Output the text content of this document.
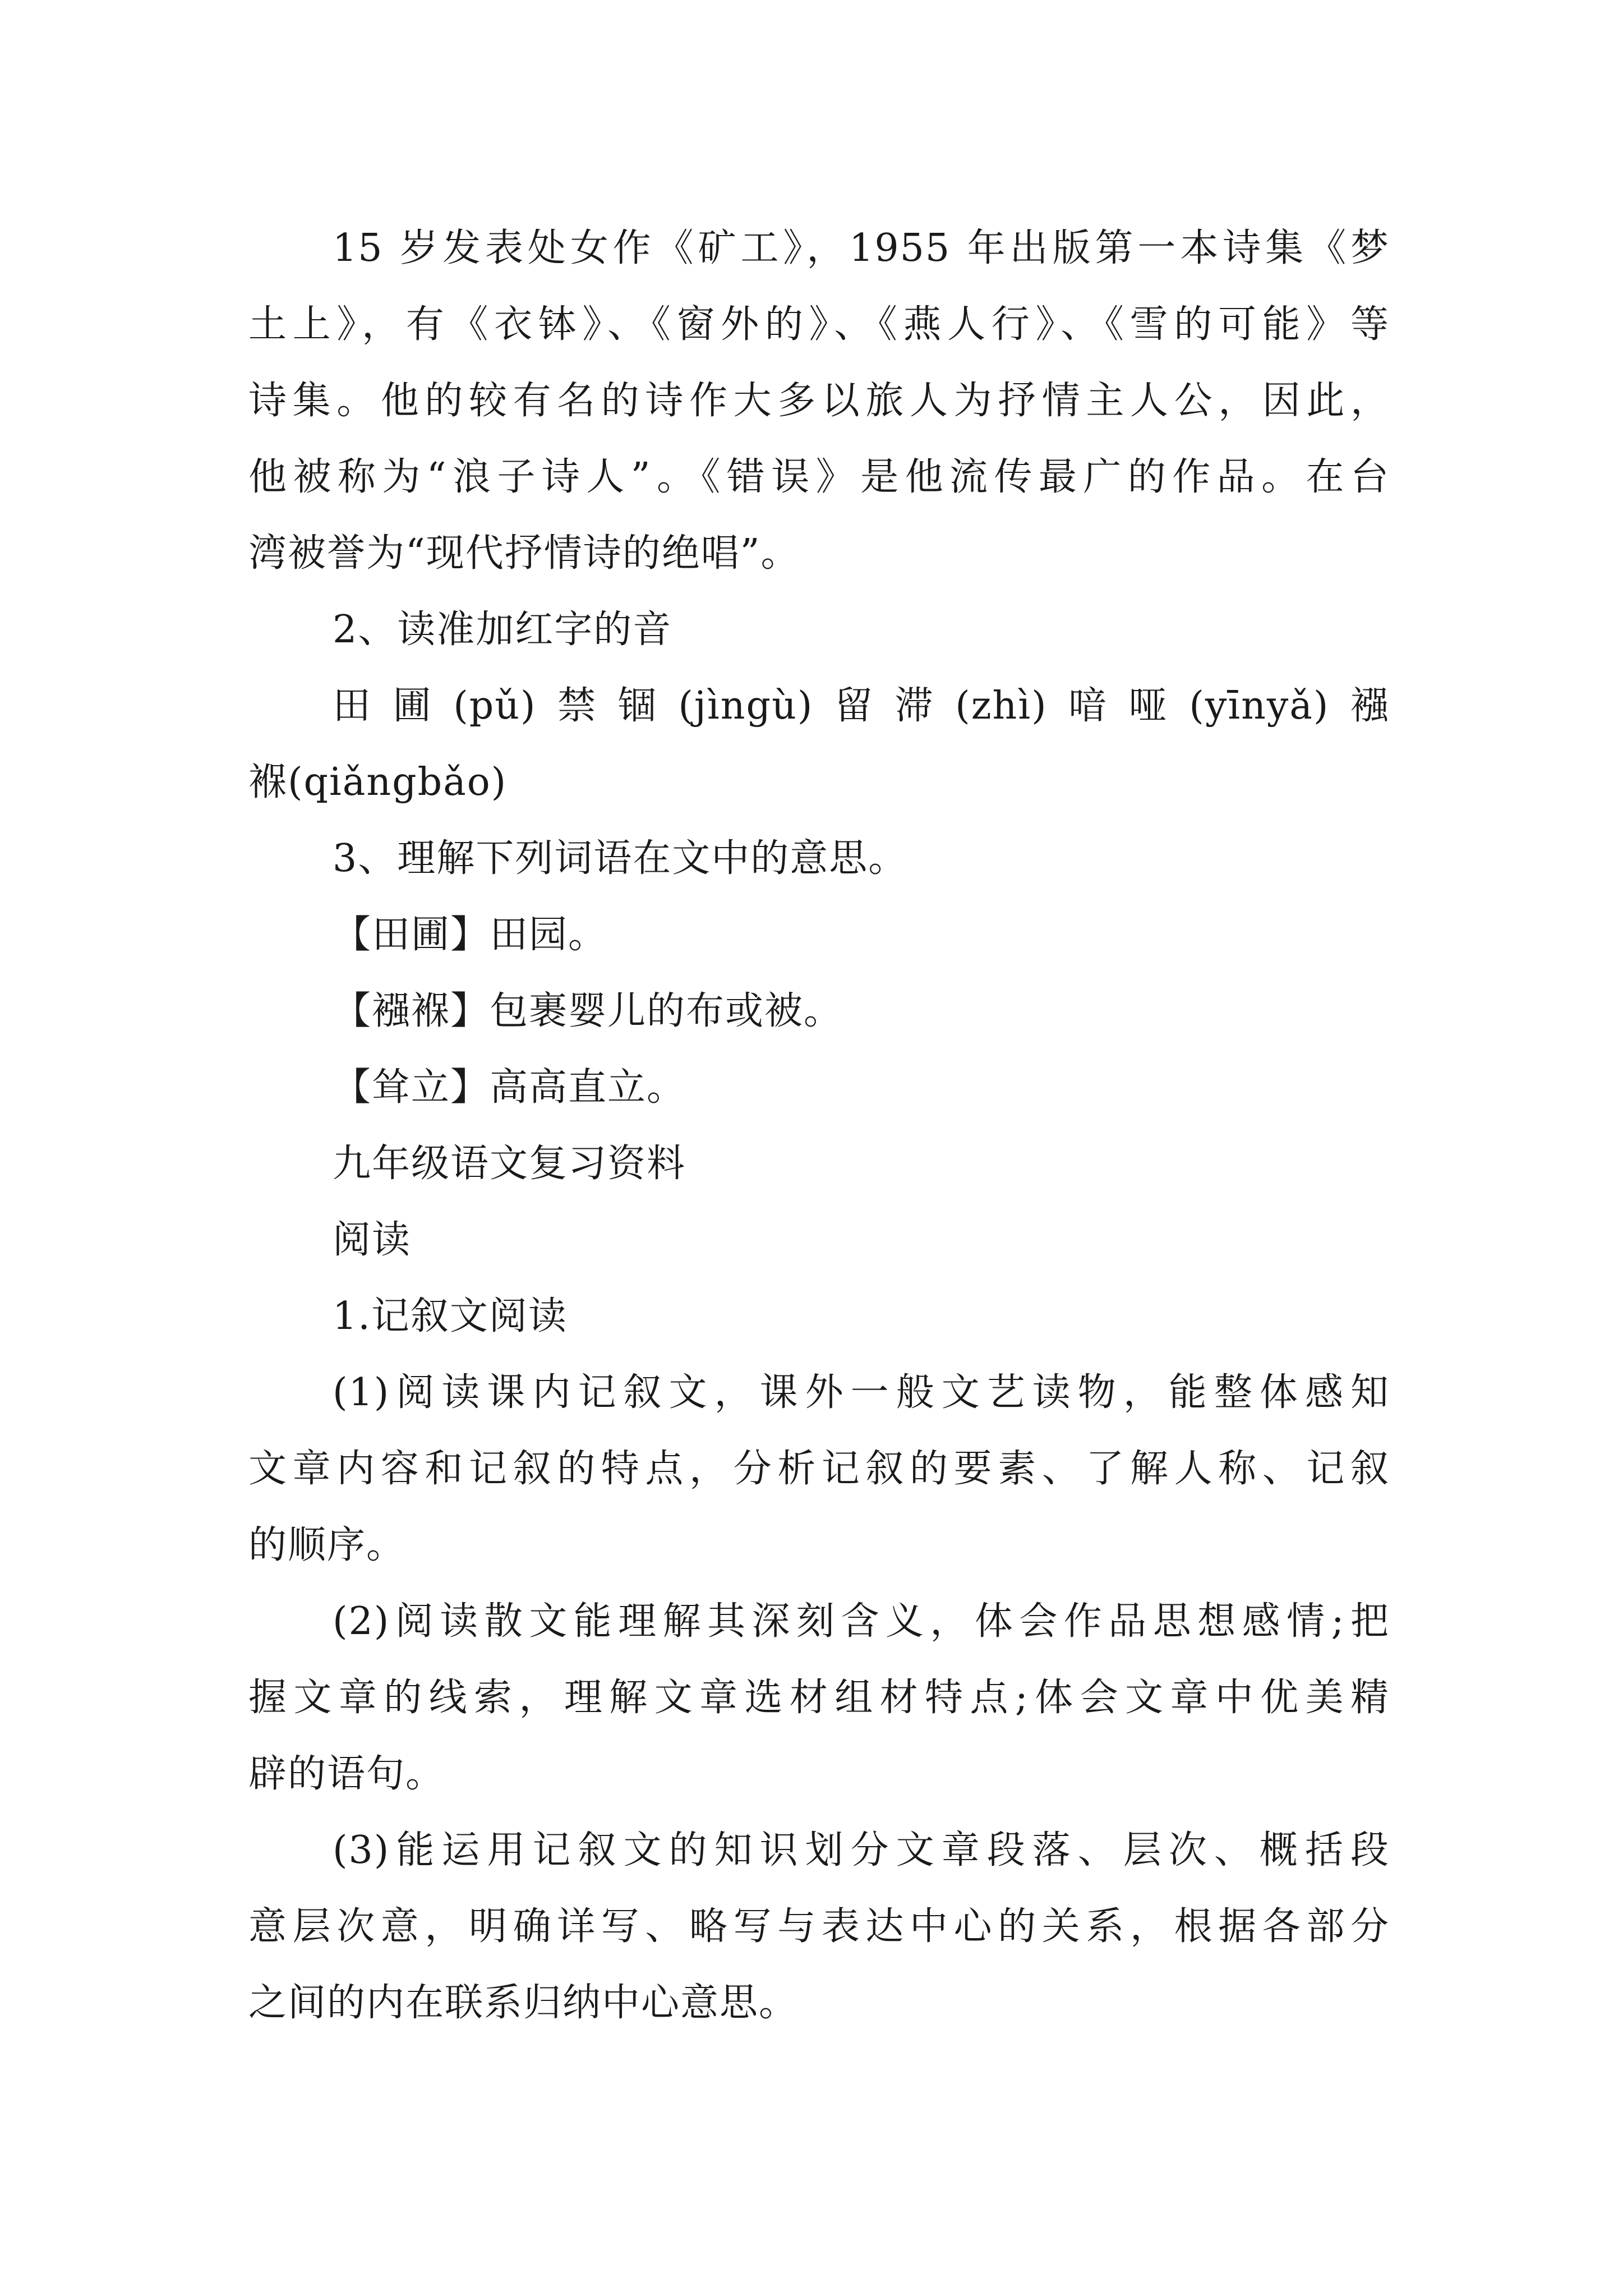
15 岁发表处女作《矿工》，1955 年出版第一本诗集《梦
土上》，有《衣钵》、《窗外的》、《燕人行》、《雪的可能》等
诗集。他的较有名的诗作大多以旅人为抒情主人公，因此，
他被称为“浪子诗人”。《错误》是他流传最广的作品。在台
湾被誉为“现代抒情诗的绝唱”。
2、读准加红字的音
田圃(pǔ)禁锢(jìngù)留滞(zhì)喑哑(yīnyǎ)襁
褓(qiǎngbǎo)
3、理解下列词语在文中的意思。
【田圃】田园。
【襁褓】包裹婴儿的布或被。
【耸立】高高直立。
九年级语文复习资料
阅读
1.记叙文阅读
(1)阅读课内记叙文，课外一般文艺读物，能整体感知
文章内容和记叙的特点，分析记叙的要素、了解人称、记叙
的顺序。
(2)阅读散文能理解其深刻含义，体会作品思想感情;把
握文章的线索，理解文章选材组材特点;体会文章中优美精
辟的语句。
(3)能运用记叙文的知识划分文章段落、层次、概括段
意层次意，明确详写、略写与表达中心的关系，根据各部分
之间的内在联系归纳中心意思。
